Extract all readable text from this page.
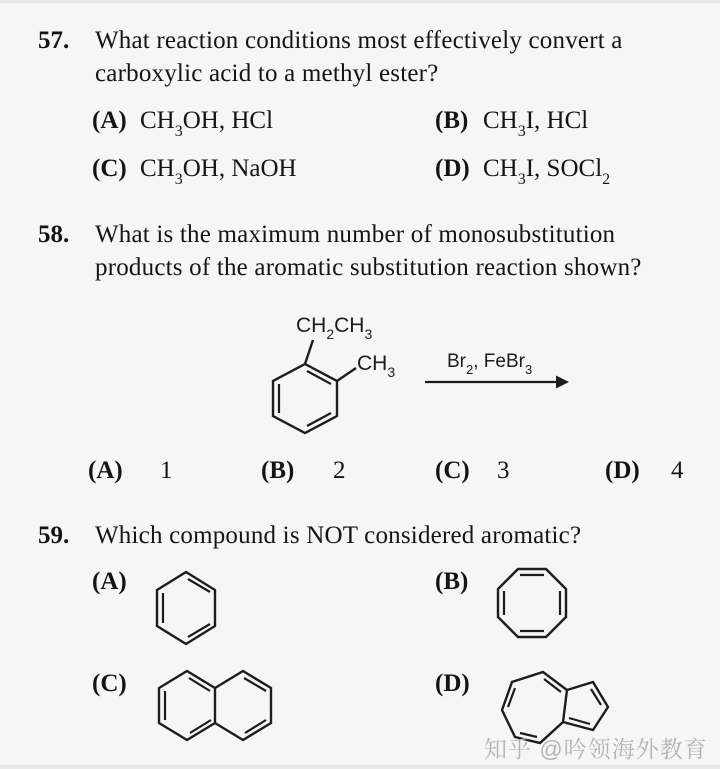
57. What reaction conditions most effectively convert a
carboxylic acid to a methyl ester?
(A) $CH_3OH$, HCl	(B) $CH_3I$, HCl
(C) $CH_3OH$, NaOH	(D) $CH_3I$, SOCl$_2$
58. What is the maximum number of monosubstitution
products of the aromatic substitution reaction shown?
$CH_2CH_3$
$CH_3$
$Br_2$, FeBr$_3$
(A)	1	(B)	2	(C)	3	(D)	4
59. Which compound is NOT considered aromatic?
(A)	(B)
(C)	(D)
知乎 @吟领海外教育
